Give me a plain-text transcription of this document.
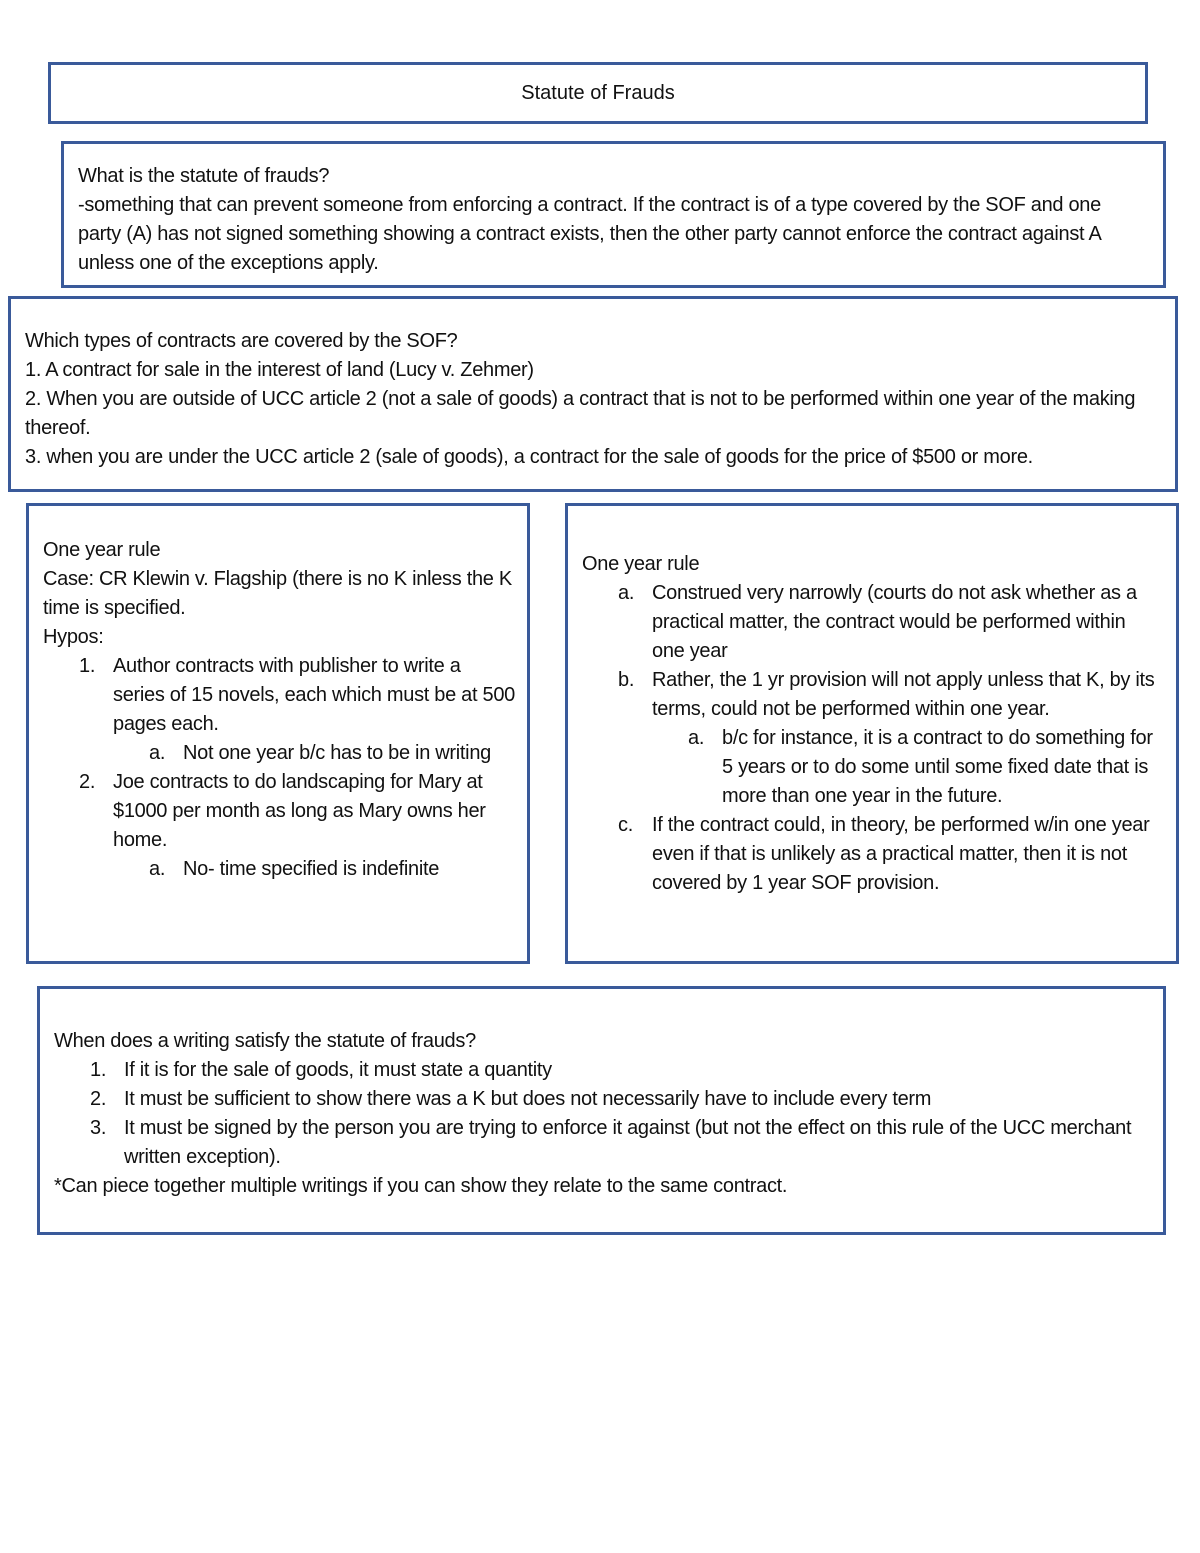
Statute of Frauds
What is the statute of frauds?
-something that can prevent someone from enforcing a contract. If the contract is of a type covered by the SOF and one party (A) has not signed something showing a contract exists, then the other party cannot enforce the contract against A unless one of the exceptions apply.
Which types of contracts are covered by the SOF?
1. A contract for sale in the interest of land (Lucy v. Zehmer)
2. When you are outside of UCC article 2 (not a sale of goods) a contract that is not to be performed within one year of the making thereof.
3. when you are under the UCC article 2 (sale of goods), a contract for the sale of goods for the price of $500 or more.
One year rule
Case: CR Klewin v. Flagship (there is no K inless the K time is specified.
Hypos:
1. Author contracts with publisher to write a series of 15 novels, each which must be at 500 pages each.
a. Not one year b/c has to be in writing
2. Joe contracts to do landscaping for Mary at $1000 per month as long as Mary owns her home.
a. No- time specified is indefinite
One year rule
a. Construed very narrowly (courts do not ask whether as a practical matter, the contract would be performed within one year
b. Rather, the 1 yr provision will not apply unless that K, by its terms, could not be performed within one year.
a. b/c for instance, it is a contract to do something for 5 years or to do some until some fixed date that is more than one year in the future.
c. If the contract could, in theory, be performed w/in one year even if that is unlikely as a practical matter, then it is not covered by 1 year SOF provision.
When does a writing satisfy the statute of frauds?
1. If it is for the sale of goods, it must state a quantity
2. It must be sufficient to show there was a K but does not necessarily have to include every term
3. It must be signed by the person you are trying to enforce it against (but not the effect on this rule of the UCC merchant written exception).
*Can piece together multiple writings if you can show they relate to the same contract.
